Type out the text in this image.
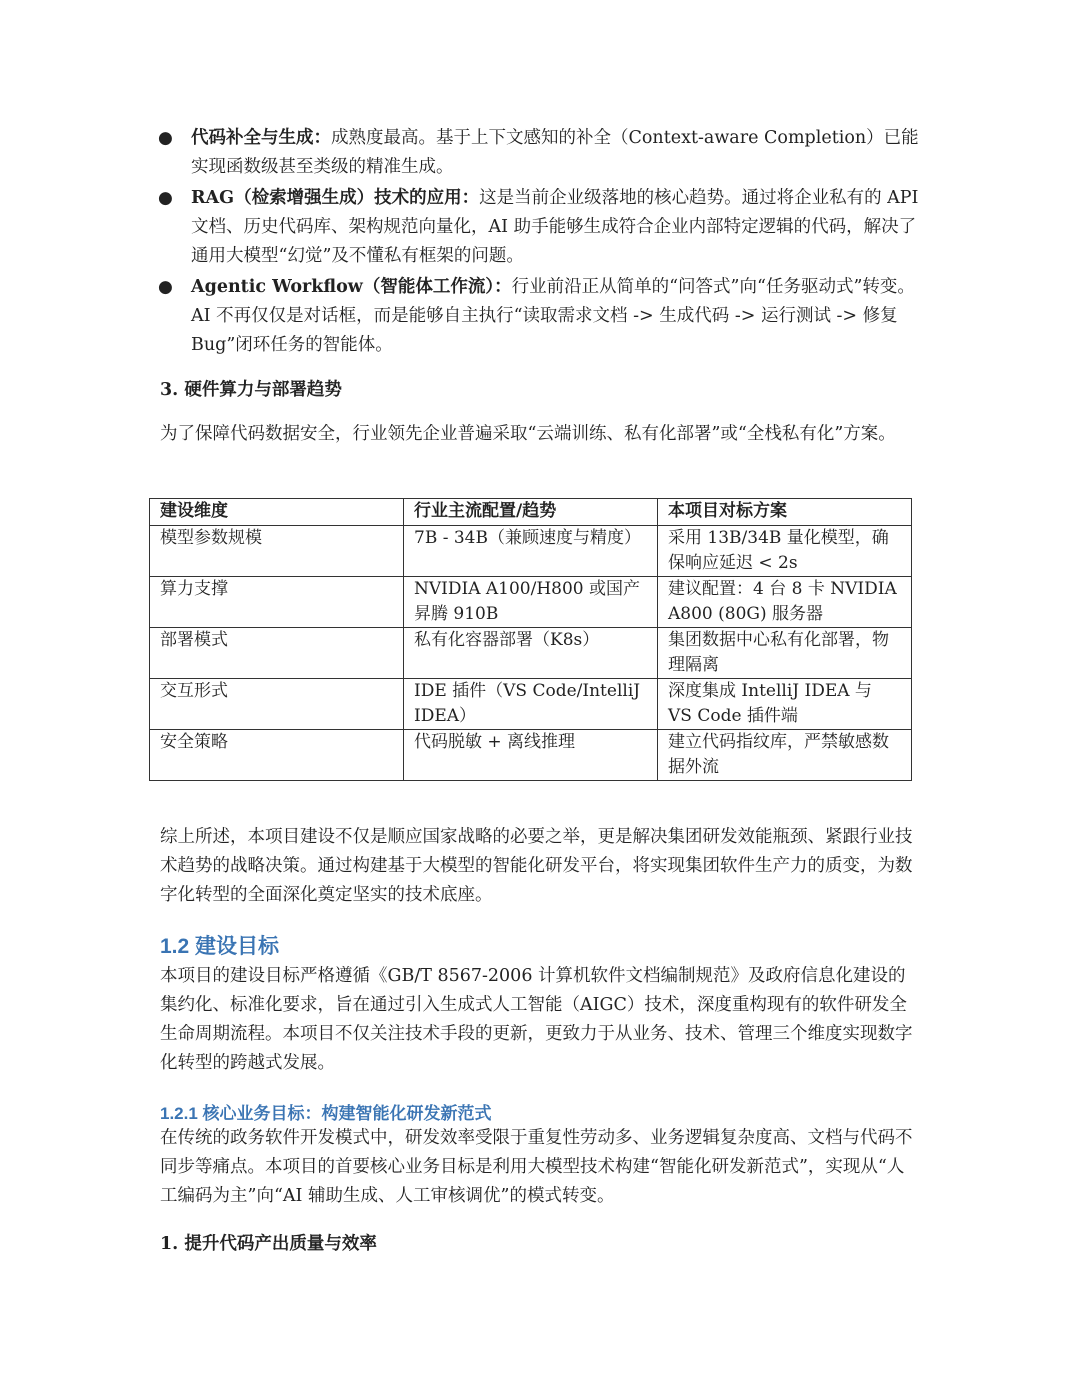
● 代码补全与生成：成熟度最高。基于上下文感知的补全（Context-aware Completion）已能实现函数级甚至类级的精准生成。
● RAG（检索增强生成）技术的应用：这是当前企业级落地的核心趋势。通过将企业私有的 API 文档、历史代码库、架构规范向量化，AI 助手能够生成符合企业内部特定逻辑的代码，解决了通用大模型“幻觉”及不懂私有框架的问题。
● Agentic Workflow（智能体工作流）：行业前沿正从简单的“问答式”向“任务驱动式”转变。AI 不再仅仅是对话框，而是能够自主执行“读取需求文档 -> 生成代码 -> 运行测试 -> 修复 Bug”闭环任务的智能体。
3. 硬件算力与部署趋势
为了保障代码数据安全，行业领先企业普遍采取“云端训练、私有化部署”或“全栈私有化”方案。
建设维度	行业主流配置/趋势	本项目对标方案
模型参数规模	7B - 34B（兼顾速度与精度）	采用 13B/34B 量化模型，确保响应延迟 < 2s
算力支撑	NVIDIA A100/H800 或国产昇腾 910B	建议配置：4 台 8 卡 NVIDIA A800 (80G) 服务器
部署模式	私有化容器部署（K8s）	集团数据中心私有化部署，物理隔离
交互形式	IDE 插件（VS Code/IntelliJ IDEA）	深度集成 IntelliJ IDEA 与 VS Code 插件端
安全策略	代码脱敏 + 离线推理	建立代码指纹库，严禁敏感数据外流
综上所述，本项目建设不仅是顺应国家战略的必要之举，更是解决集团研发效能瓶颈、紧跟行业技术趋势的战略决策。通过构建基于大模型的智能化研发平台，将实现集团软件生产力的质变，为数字化转型的全面深化奠定坚实的技术底座。
1.2 建设目标
本项目的建设目标严格遵循《GB/T 8567-2006 计算机软件文档编制规范》及政府信息化建设的集约化、标准化要求，旨在通过引入生成式人工智能（AIGC）技术，深度重构现有的软件研发全生命周期流程。本项目不仅关注技术手段的更新，更致力于从业务、技术、管理三个维度实现数字化转型的跨越式发展。
1.2.1 核心业务目标：构建智能化研发新范式
在传统的政务软件开发模式中，研发效率受限于重复性劳动多、业务逻辑复杂度高、文档与代码不同步等痛点。本项目的首要核心业务目标是利用大模型技术构建“智能化研发新范式”，实现从“人工编码为主”向“AI 辅助生成、人工审核调优”的模式转变。
1. 提升代码产出质量与效率
